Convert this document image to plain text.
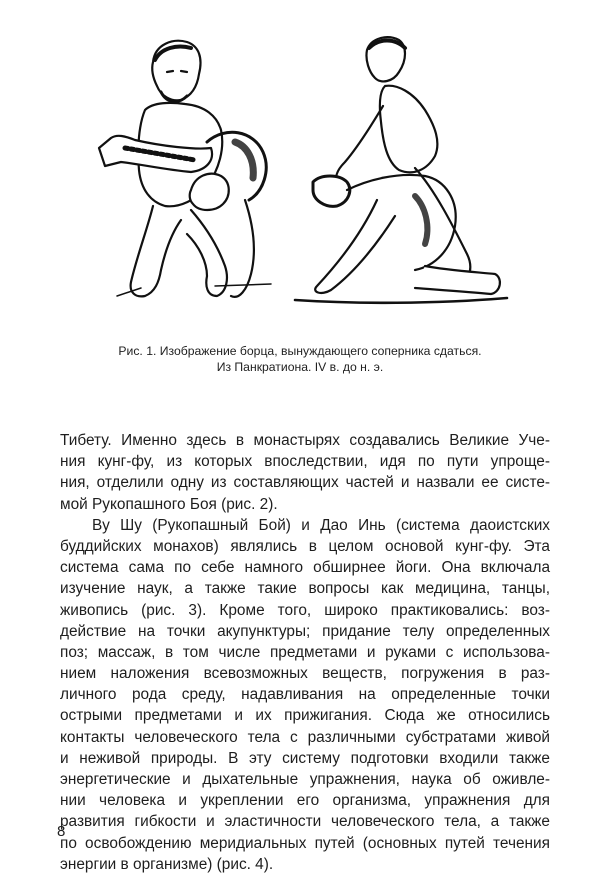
Рис. 1. Изображение борца, вынуждающего соперника сдаться.
Из Панкратиона. IV в. до н. э.
Тибету. Именно здесь в монастырях создавались Великие Уче-
ния кунг-фу, из которых впоследствии, идя по пути упроще-
ния, отделили одну из составляющих частей и назвали ее систе-
мой Рукопашного Боя (рис. 2).
Ву Шу (Рукопашный Бой) и Дао Инь (система даоистских
буддийских монахов) являлись в целом основой кунг-фу. Эта
система сама по себе намного обширнее йоги. Она включала
изучение наук, а также такие вопросы как медицина, танцы,
живопись (рис. 3). Кроме того, широко практиковались: воз-
действие на точки акупунктуры; придание телу определенных
поз; массаж, в том числе предметами и руками с использова-
нием наложения всевозможных веществ, погружения в раз-
личного рода среду, надавливания на определенные точки
острыми предметами и их прижигания. Сюда же относились
контакты человеческого тела с различными субстратами живой
и неживой природы. В эту систему подготовки входили также
энергетические и дыхательные упражнения, наука об оживле-
нии человека и укреплении его организма, упражнения для
развития гибкости и эластичности человеческого тела, а также
по освобождению меридиальных путей (основных путей течения
энергии в организме) (рис. 4).
8
